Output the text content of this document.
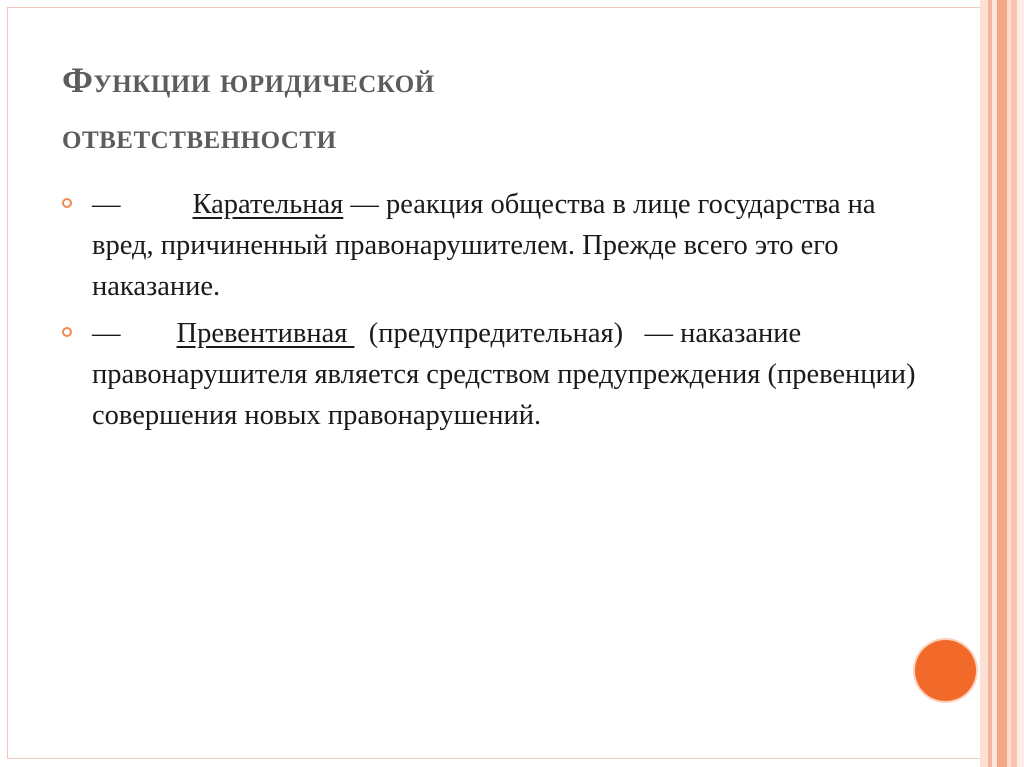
Функции юридической
ответственности
—	Карательная — реакция общества в лице государства на вред, причиненный правонарушителем. Прежде всего это его наказание.
— Превентивная   (предупредительная)   — наказание правонарушителя является средством предупреждения (превенции) совершения новых правонарушений.
